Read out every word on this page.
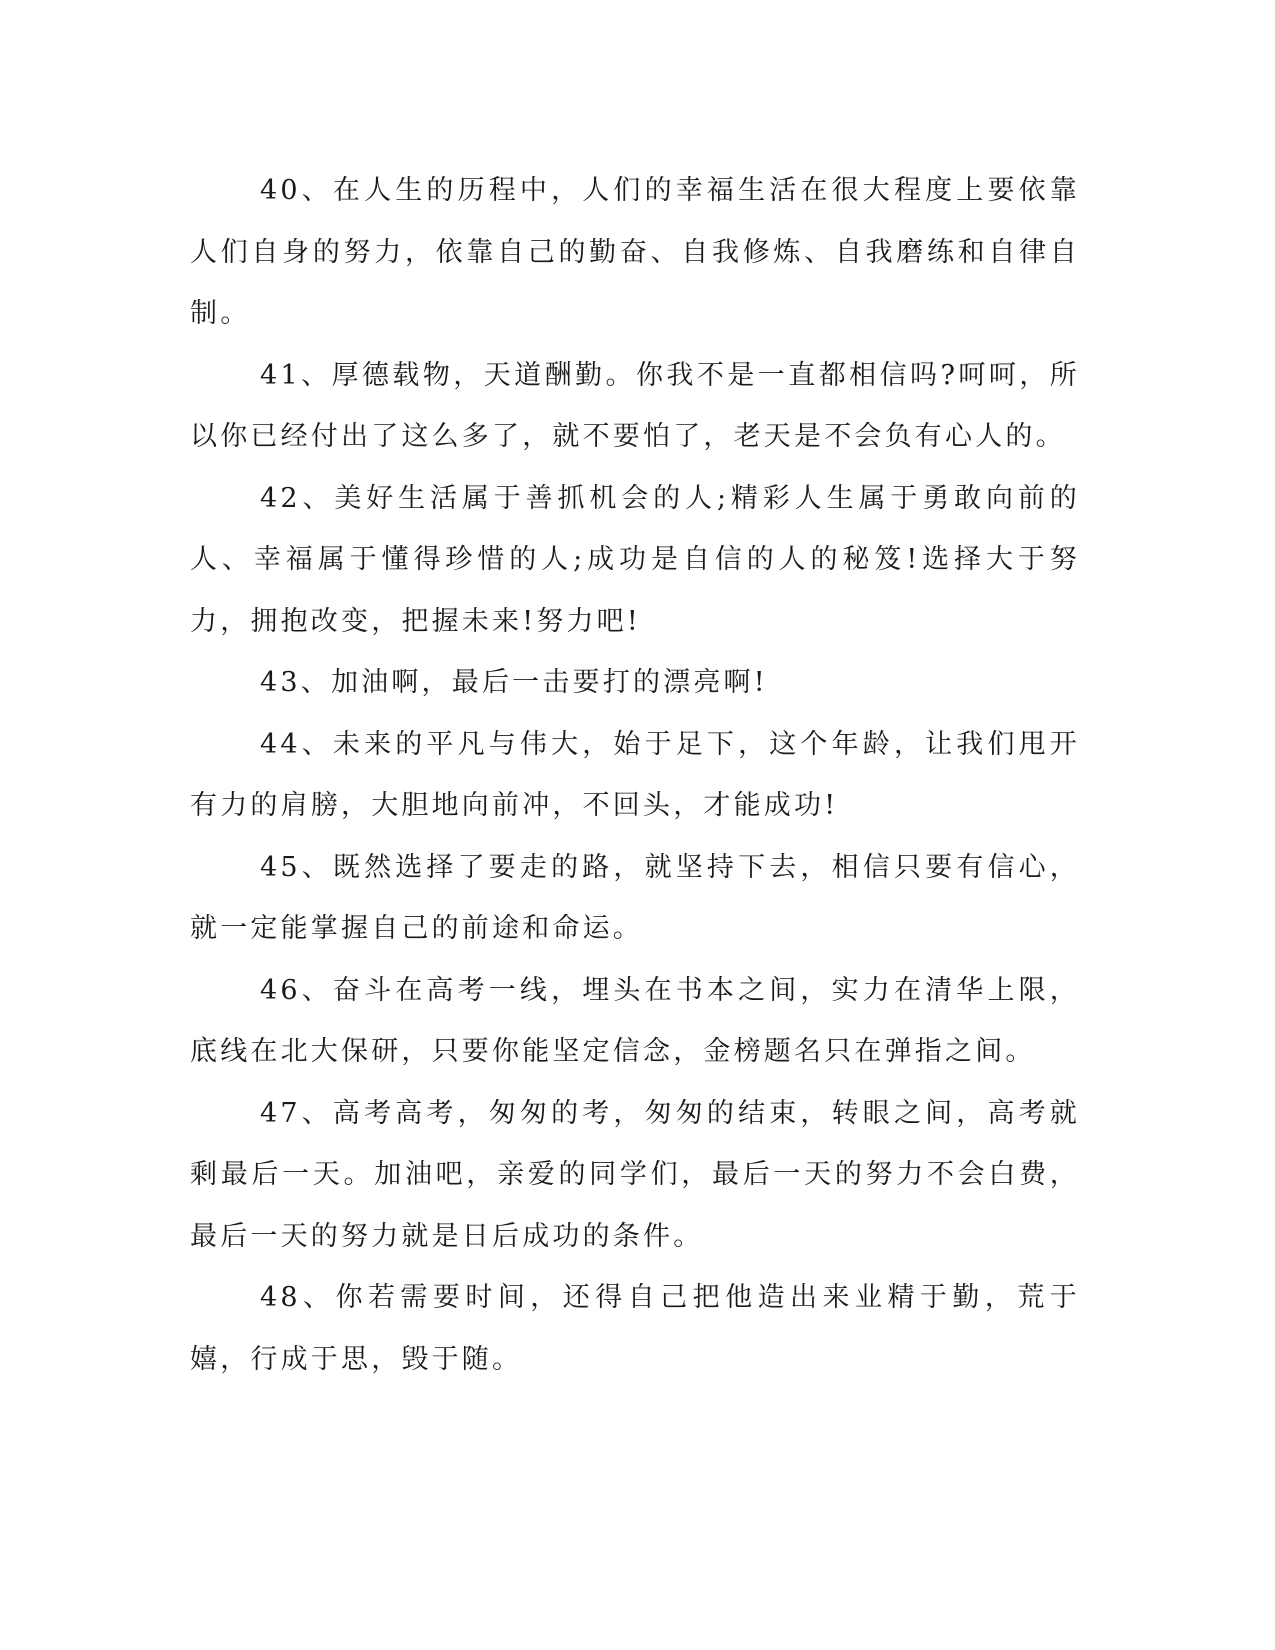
40、在人生的历程中，人们的幸福生活在很大程度上要依靠人们自身的努力，依靠自己的勤奋、自我修炼、自我磨练和自律自制。

41、厚德载物，天道酬勤。你我不是一直都相信吗?呵呵，所以你已经付出了这么多了，就不要怕了，老天是不会负有心人的。

42、美好生活属于善抓机会的人;精彩人生属于勇敢向前的人、幸福属于懂得珍惜的人;成功是自信的人的秘笈!选择大于努力，拥抱改变，把握未来!努力吧!

43、加油啊，最后一击要打的漂亮啊!

44、未来的平凡与伟大，始于足下，这个年龄，让我们甩开有力的肩膀，大胆地向前冲，不回头，才能成功!

45、既然选择了要走的路，就坚持下去，相信只要有信心，就一定能掌握自己的前途和命运。

46、奋斗在高考一线，埋头在书本之间，实力在清华上限，底线在北大保研，只要你能坚定信念，金榜题名只在弹指之间。

47、高考高考，匆匆的考，匆匆的结束，转眼之间，高考就剩最后一天。加油吧，亲爱的同学们，最后一天的努力不会白费，最后一天的努力就是日后成功的条件。

48、你若需要时间，还得自己把他造出来业精于勤，荒于嬉，行成于思，毁于随。
